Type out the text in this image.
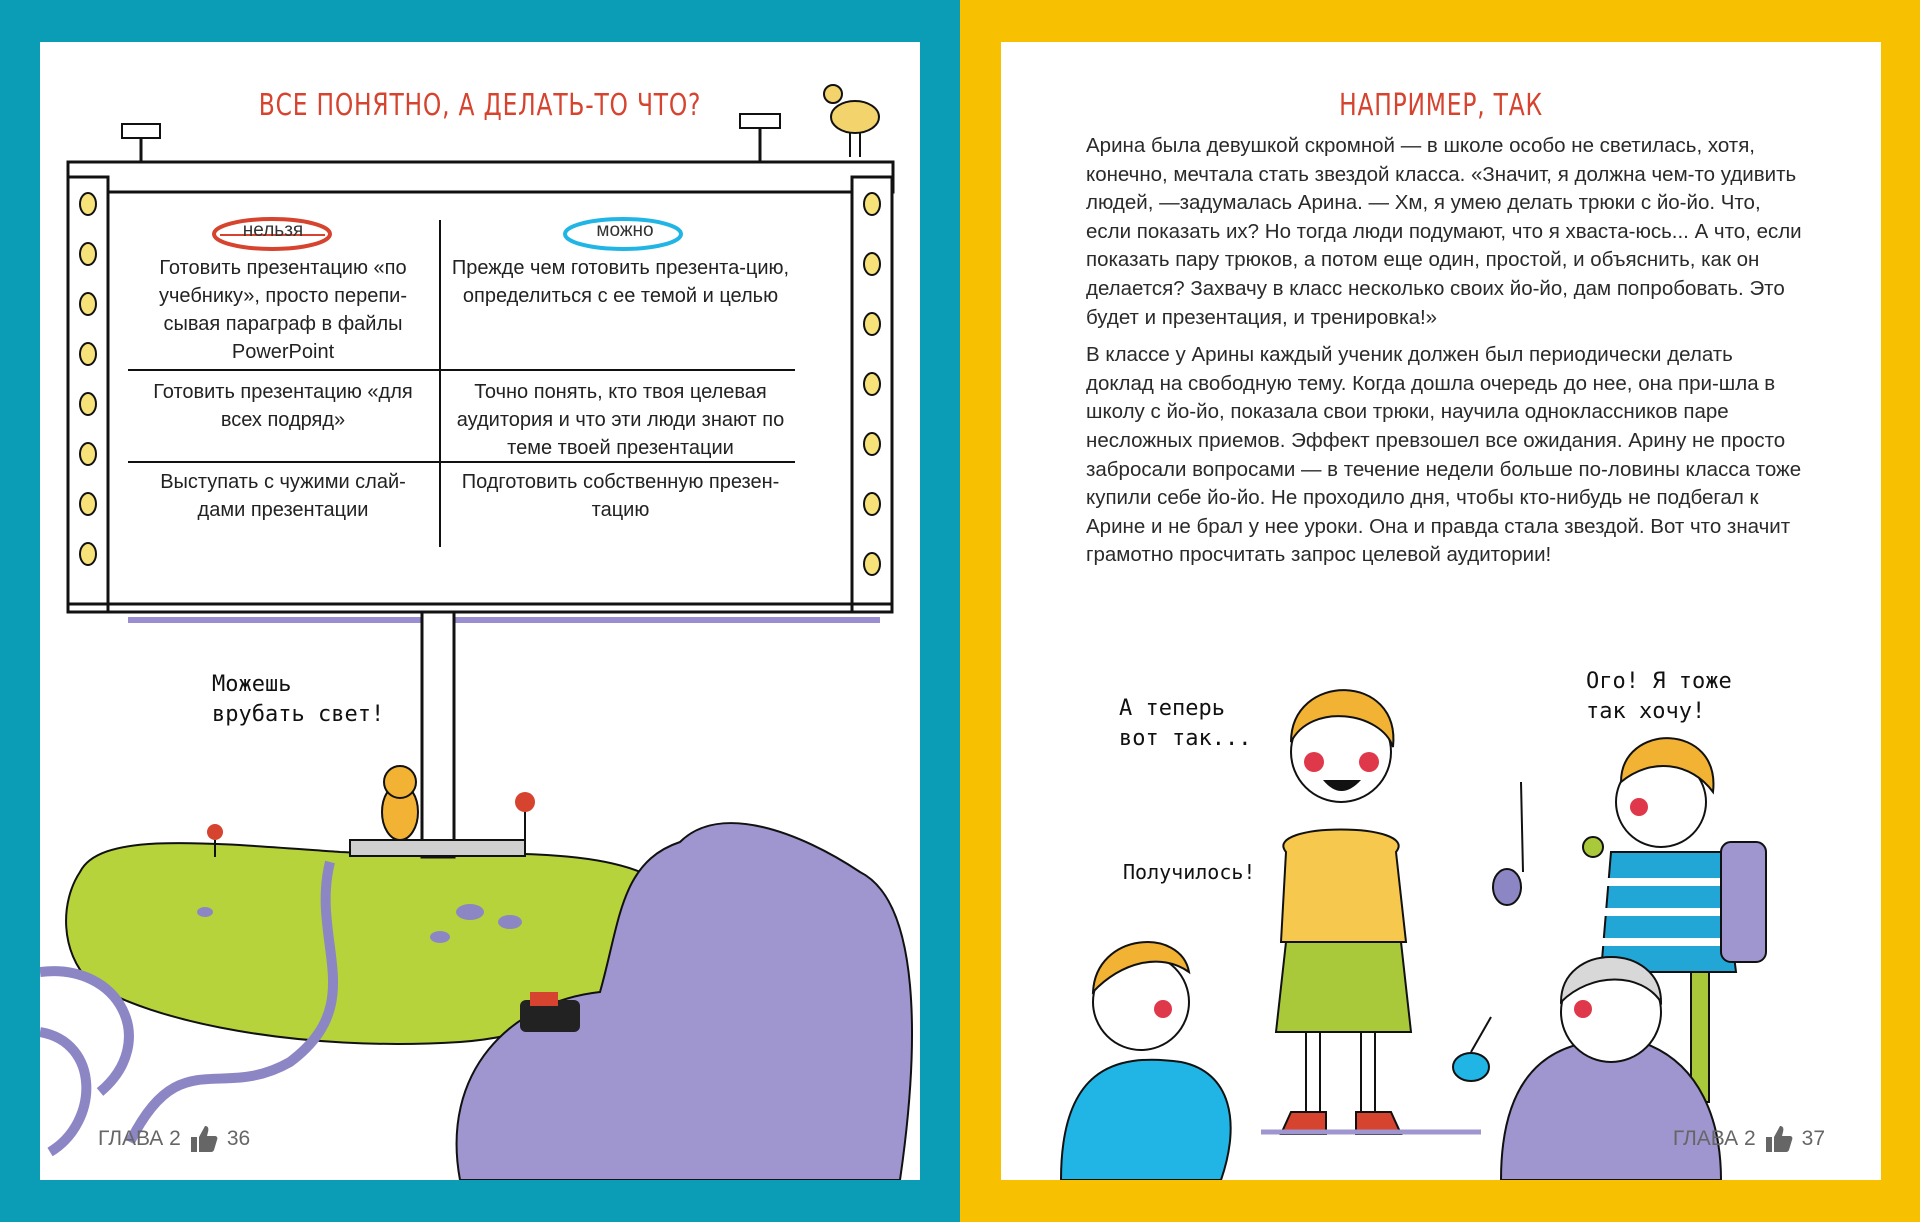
ВСЕ ПОНЯТНО, А ДЕЛАТЬ-ТО ЧТО?
нельзя	можно
Готовить презентацию «по учебнику», просто перепи-сывая параграф в файлы PowerPoint
Прежде чем готовить презента-цию, определиться с ее темой и целью
Готовить презентацию «для всех подряд»
Точно понять, кто твоя целевая аудитория и что эти люди знают по теме твоей презентации
Выступать с чужими слай-дами презентации
Подготовить собственную презен-тацию
Можешь врубать свет!
ГЛАВА 2 36
НАПРИМЕР, ТАК

Арина была девушкой скромной — в школе особо не светилась, хотя, конечно, мечтала стать звездой класса. «Значит, я должна чем-то удивить людей, —задумалась Арина. — Хм, я умею делать трюки с йо-йо. Что, если показать их? Но тогда люди подумают, что я хваста-юсь... А что, если показать пару трюков, а потом еще один, простой, и объяснить, как он делается? Захвачу в класс несколько своих йо-йо, дам попробовать. Это будет и презентация, и тренировка!»

В классе у Арины каждый ученик должен был периодически делать доклад на свободную тему. Когда дошла очередь до нее, она при-шла в школу с йо-йо, показала свои трюки, научила одноклассников паре несложных приемов. Эффект превзошел все ожидания. Арину не просто забросали вопросами — в течение недели больше по-ловины класса тоже купили себе йо-йо. Не проходило дня, чтобы кто-нибудь не подбегал к Арине и не брал у нее уроки. Она и правда стала звездой. Вот что значит грамотно просчитать запрос целевой аудитории!

А теперь вот так...
Ого! Я тоже так хочу!
Получилось!
ГЛАВА 2 37
